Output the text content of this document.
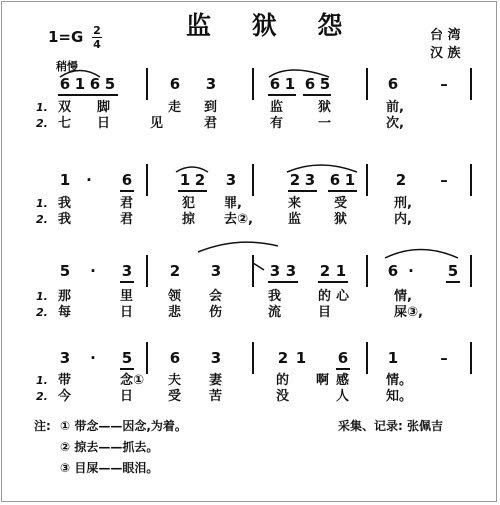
监 狱 怨
1=G 2
4
台 湾
汉 族
稍慢
6 1 6 5	6 3	6 1 6 5	6	–
1. 双 脚	走 到	监	狱	前,
2. 七 日	见	君	有	一	次,
1 · 6	1 2 3	2 3 6 1	2 –
1. 我	君	犯 罪,	来	受	刑,
2. 我	君	掠 去②,	监	狱	内,
5 · 3	2 3	3 3 2 1	6 · 5
1. 那	里	领 会	我	的 心	情,
2. 每	日	悲 伤	流	目	屎③,
3 · 5	6 3	2 1 6	1	–
1. 带	念① 夫 妻	的 啊 感	情。
2. 今	日	受 苦	没	人	知。
注: ① 带念——因念,为着。
② 掠去——抓去。
③ 目屎——眼泪。
采集、记录: 张佩吉
